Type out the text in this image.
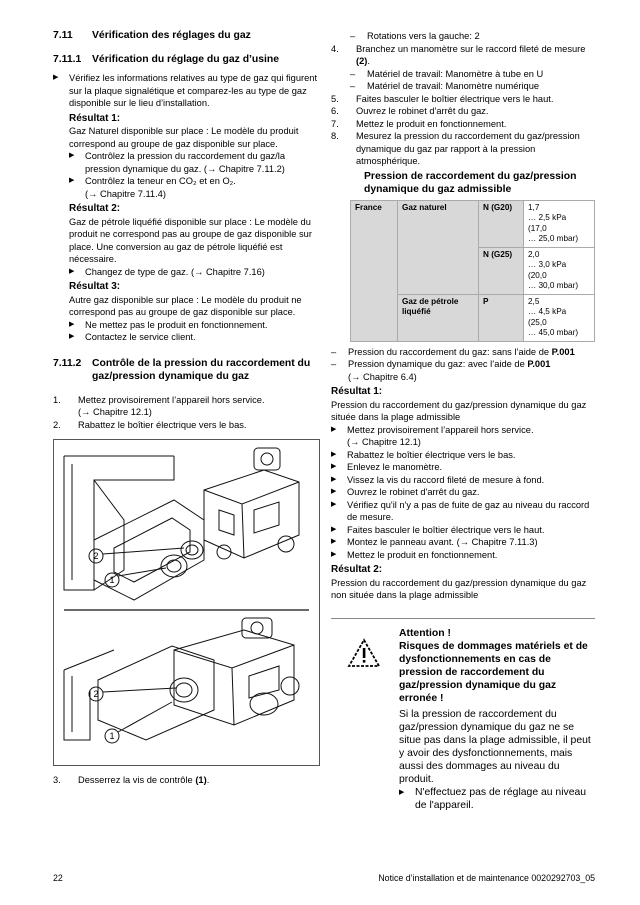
7.11	Vérification des réglages du gaz
7.11.1	Vérification du réglage du gaz d’usine
▶	Vérifiez les informations relatives au type de gaz qui figurent sur la plaque signalétique et comparez-les au type de gaz disponible sur le lieu d’installation.

Résultat 1:

Gaz Naturel disponible sur place : Le modèle du produit correspond au groupe de gaz disponible sur place.

▶	Contrôlez la pression du raccordement du gaz/la pression dynamique du gaz. (→ Chapitre 7.11.2)
▶	Contrôlez la teneur en CO₂ et en O₂.
(→ Chapitre 7.11.4)

Résultat 2:

Gaz de pétrole liquéfié disponible sur place : Le modèle du produit ne correspond pas au groupe de gaz disponible sur place. Une conversion au gaz de pétrole liquéfié est nécessaire.

▶	Changez de type de gaz. (→ Chapitre 7.16)

Résultat 3:

Autre gaz disponible sur place : Le modèle du produit ne correspond pas au groupe de gaz disponible sur place.

▶	Ne mettez pas le produit en fonctionnement.
▶	Contactez le service client.
7.11.2	Contrôle de la pression du raccordement du gaz/pression dynamique du gaz
1.	Mettez provisoirement l’appareil hors service.
(→ Chapitre 12.1)
2.	Rabattez le boîtier électrique vers le bas.
2
1
2
1
3.	Desserrez la vis de contrôle (1).
–	Rotations vers la gauche: 2
4.	Branchez un manomètre sur le raccord fileté de mesure (2).
–	Matériel de travail: Manomètre à tube en U
–	Matériel de travail: Manomètre numérique
5.	Faites basculer le boîtier électrique vers le haut.
6.	Ouvrez le robinet d'arrêt du gaz.
7.	Mettez le produit en fonctionnement.
8.	Mesurez la pression du raccordement du gaz/pression dynamique du gaz par rapport à la pression atmosphérique.

Pression de raccordement du gaz/pression dynamique du gaz admissible

France	Gaz naturel	N (G20)	1,7
… 2,5 kPa
(17,0
… 25,0 mbar)
		N (G25)	2,0
… 3,0 kPa
(20,0
… 30,0 mbar)
	Gaz de pétrole liquéfié	P	2,5
… 4,5 kPa
(25,0
… 45,0 mbar)
–	Pression du raccordement du gaz: sans l’aide de P.001
–	Pression dynamique du gaz: avec l’aide de P.001
(→ Chapitre 6.4)

Résultat 1:

Pression du raccordement du gaz/pression dynamique du gaz située dans la plage admissible

▶	Mettez provisoirement l’appareil hors service.
(→ Chapitre 12.1)
▶	Rabattez le boîtier électrique vers le bas.
▶	Enlevez le manomètre.
▶	Vissez la vis du raccord fileté de mesure à fond.
▶	Ouvrez le robinet d'arrêt du gaz.
▶	Vérifiez qu'il n'y a pas de fuite de gaz au niveau du raccord de mesure.
▶	Faites basculer le boîtier électrique vers le haut.
▶	Montez le panneau avant. (→ Chapitre 7.11.3)
▶	Mettez le produit en fonctionnement.

Résultat 2:

Pression du raccordement du gaz/pression dynamique du gaz non située dans la plage admissible

Attention !

Risques de dommages matériels et de dysfonctionnements en cas de pression de raccordement du gaz/pression dynamique du gaz erronée !

Si la pression de raccordement du gaz/pression dynamique du gaz ne se situe pas dans la plage admissible, il peut y avoir des dysfonctionnements, mais aussi des dommages au niveau du produit.

▶	N'effectuez pas de réglage au niveau de l'appareil.
22	Notice d’installation et de maintenance 0020292703_05
